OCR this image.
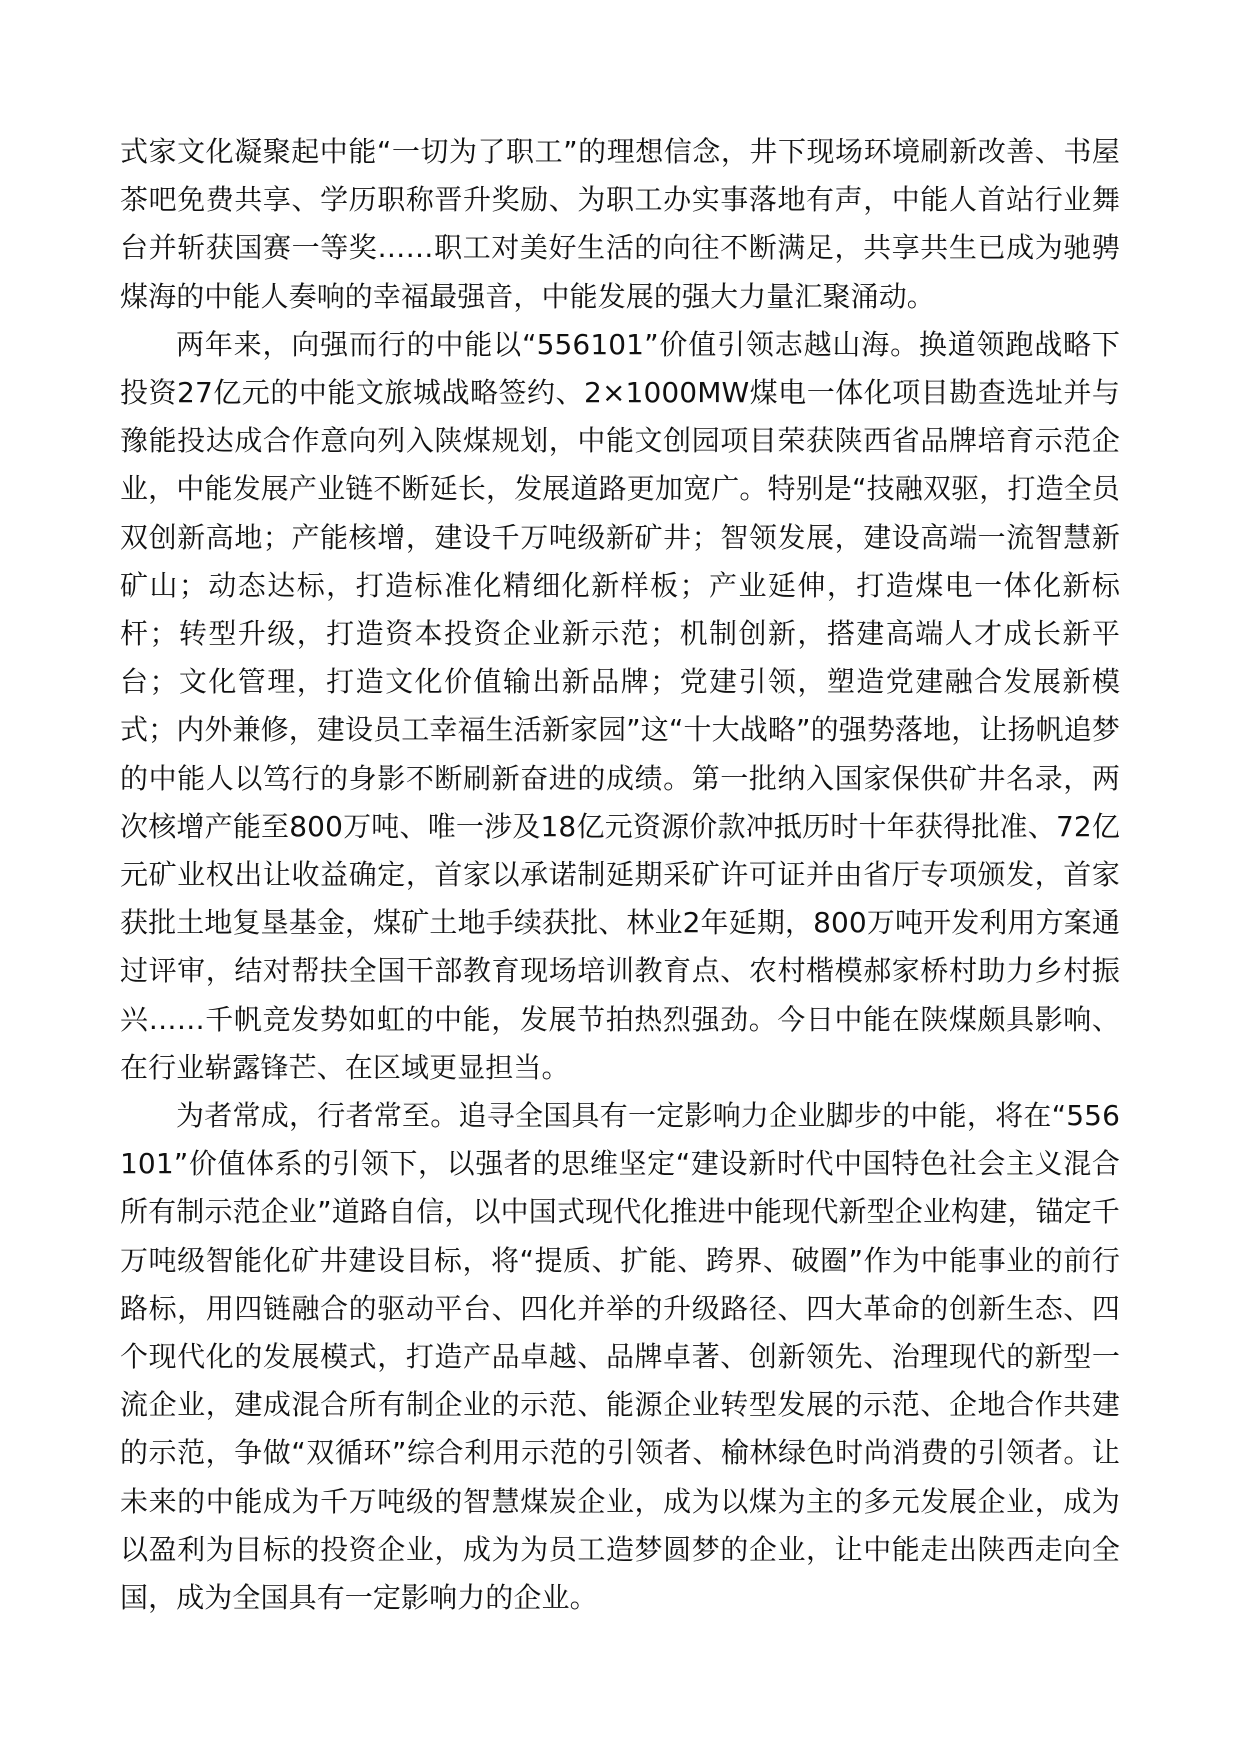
式家文化凝聚起中能“一切为了职工”的理想信念，井下现场环境刷新改善、书屋茶吧免费共享、学历职称晋升奖励、为职工办实事落地有声，中能人首站行业舞台并斩获国赛一等奖……职工对美好生活的向往不断满足，共享共生已成为驰骋煤海的中能人奏响的幸福最强音，中能发展的强大力量汇聚涌动。

两年来，向强而行的中能以“556101”价值引领志越山海。换道领跑战略下投资27亿元的中能文旅城战略签约、2×1000MW煤电一体化项目勘查选址并与豫能投达成合作意向列入陕煤规划，中能文创园项目荣获陕西省品牌培育示范企业，中能发展产业链不断延长，发展道路更加宽广。特别是“技融双驱，打造全员双创新高地；产能核增，建设千万吨级新矿井；智领发展，建设高端一流智慧新矿山；动态达标，打造标准化精细化新样板；产业延伸，打造煤电一体化新标杆；转型升级，打造资本投资企业新示范；机制创新，搭建高端人才成长新平台；文化管理，打造文化价值输出新品牌；党建引领，塑造党建融合发展新模式；内外兼修，建设员工幸福生活新家园”这“十大战略”的强势落地，让扬帆追梦的中能人以笃行的身影不断刷新奋进的成绩。第一批纳入国家保供矿井名录，两次核增产能至800万吨、唯一涉及18亿元资源价款冲抵历时十年获得批准、72亿元矿业权出让收益确定，首家以承诺制延期采矿许可证并由省厅专项颁发，首家获批土地复垦基金，煤矿土地手续获批、林业2年延期，800万吨开发利用方案通过评审，结对帮扶全国干部教育现场培训教育点、农村楷模郝家桥村助力乡村振兴……千帆竞发势如虹的中能，发展节拍热烈强劲。今日中能在陕煤颇具影响、在行业崭露锋芒、在区域更显担当。

为者常成，行者常至。追寻全国具有一定影响力企业脚步的中能，将在“556101”价值体系的引领下，以强者的思维坚定“建设新时代中国特色社会主义混合所有制示范企业”道路自信，以中国式现代化推进中能现代新型企业构建，锚定千万吨级智能化矿井建设目标，将“提质、扩能、跨界、破圈”作为中能事业的前行路标，用四链融合的驱动平台、四化并举的升级路径、四大革命的创新生态、四个现代化的发展模式，打造产品卓越、品牌卓著、创新领先、治理现代的新型一流企业，建成混合所有制企业的示范、能源企业转型发展的示范、企地合作共建的示范，争做“双循环”综合利用示范的引领者、榆林绿色时尚消费的引领者。让未来的中能成为千万吨级的智慧煤炭企业，成为以煤为主的多元发展企业，成为以盈利为目标的投资企业，成为为员工造梦圆梦的企业，让中能走出陕西走向全国，成为全国具有一定影响力的企业。
